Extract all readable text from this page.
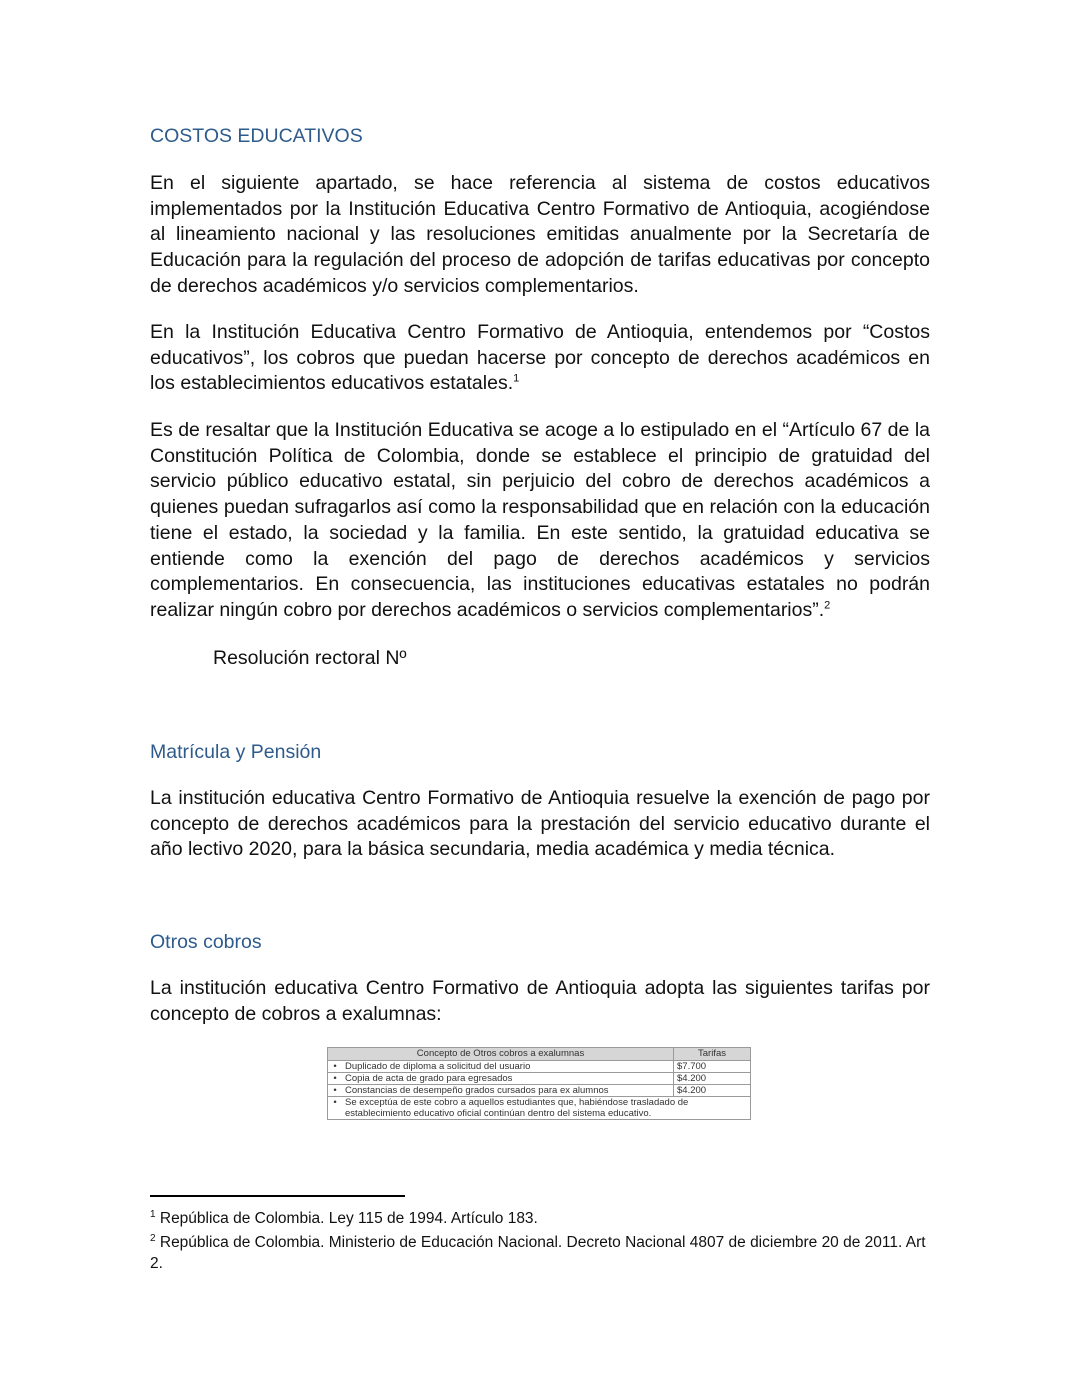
COSTOS EDUCATIVOS

En el siguiente apartado, se hace referencia al sistema de costos educativos implementados por la Institución Educativa Centro Formativo de Antioquia, acogiéndose al lineamiento nacional y las resoluciones emitidas anualmente por la Secretaría de Educación para la regulación del proceso de adopción de tarifas educativas por concepto de derechos académicos y/o servicios complementarios.

En la Institución Educativa Centro Formativo de Antioquia, entendemos por “Costos educativos”, los cobros que puedan hacerse por concepto de derechos académicos en los establecimientos educativos estatales.$^1$

Es de resaltar que la Institución Educativa se acoge a lo estipulado en el “Artículo 67 de la Constitución Política de Colombia, donde se establece el principio de gratuidad del servicio público educativo estatal, sin perjuicio del cobro de derechos académicos a quienes puedan sufragarlos así como la responsabilidad que en relación con la educación tiene el estado, la sociedad y la familia. En este sentido, la gratuidad educativa se entiende como la exención del pago de derechos académicos y servicios complementarios. En consecuencia, las instituciones educativas estatales no podrán realizar ningún cobro por derechos académicos o servicios complementarios”.$^2$

Resolución rectoral Nº
Matrícula y Pensión

La institución educativa Centro Formativo de Antioquia resuelve la exención de pago por concepto de derechos académicos para la prestación del servicio educativo durante el año lectivo 2020, para la básica secundaria, media académica y media técnica.

Otros cobros

La institución educativa Centro Formativo de Antioquia adopta las siguientes tarifas por concepto de cobros a exalumnas:

Concepto de Otros cobros a exalumnas		Tarifas
•	Duplicado de diploma a solicitud del usuario	$7.700
•	Copia de acta de grado para egresados	$4.200
•	Constancias de desempeño grados cursados para ex alumnos	$4.200
•	Se exceptúa de este cobro a aquellos estudiantes que, habiéndose trasladado de establecimiento educativo oficial continúan dentro del sistema educativo.	

$^1$ República de Colombia. Ley 115 de 1994. Artículo 183.

$^2$ República de Colombia. Ministerio de Educación Nacional. Decreto Nacional 4807 de diciembre 20 de 2011. Art 2.
